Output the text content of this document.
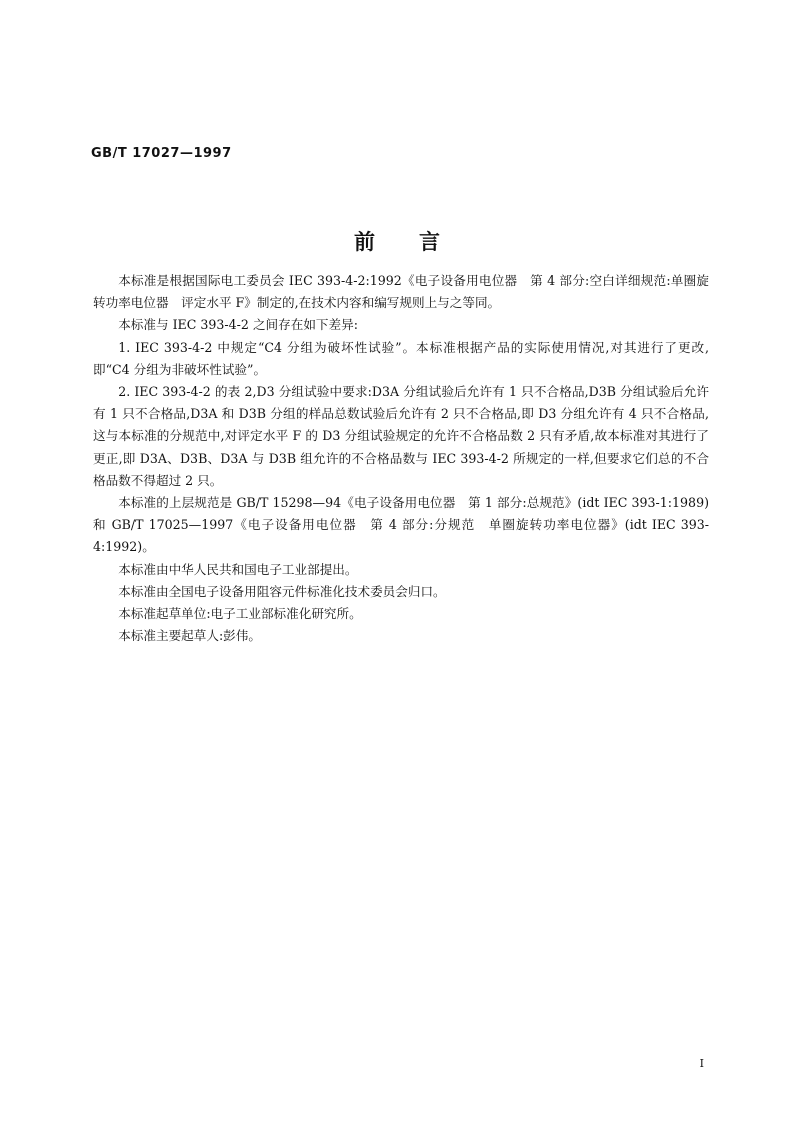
GB/T 17027—1997
前言

本标准是根据国际电工委员会 IEC 393-4-2:1992《电子设备用电位器　第 4 部分:空白详细规范:单圈旋转功率电位器　评定水平 F》制定的,在技术内容和编写规则上与之等同。

本标准与 IEC 393-4-2 之间存在如下差异:

1. IEC 393-4-2 中规定“C4 分组为破坏性试验”。本标准根据产品的实际使用情况,对其进行了更改,即“C4 分组为非破坏性试验”。

2. IEC 393-4-2 的表 2,D3 分组试验中要求:D3A 分组试验后允许有 1 只不合格品,D3B 分组试验后允许有 1 只不合格品,D3A 和 D3B 分组的样品总数试验后允许有 2 只不合格品,即 D3 分组允许有 4 只不合格品,这与本标准的分规范中,对评定水平 F 的 D3 分组试验规定的允许不合格品数 2 只有矛盾,故本标准对其进行了更正,即 D3A、D3B、D3A 与 D3B 组允许的不合格品数与 IEC 393-4-2 所规定的一样,但要求它们总的不合格品数不得超过 2 只。

本标准的上层规范是 GB/T 15298—94《电子设备用电位器　第 1 部分:总规范》(idt IEC 393-1:1989)和 GB/T 17025—1997《电子设备用电位器　第 4 部分:分规范　单圈旋转功率电位器》(idt IEC 393-4:1992)。

本标准由中华人民共和国电子工业部提出。

本标准由全国电子设备用阻容元件标准化技术委员会归口。

本标准起草单位:电子工业部标准化研究所。

本标准主要起草人:彭伟。

I
